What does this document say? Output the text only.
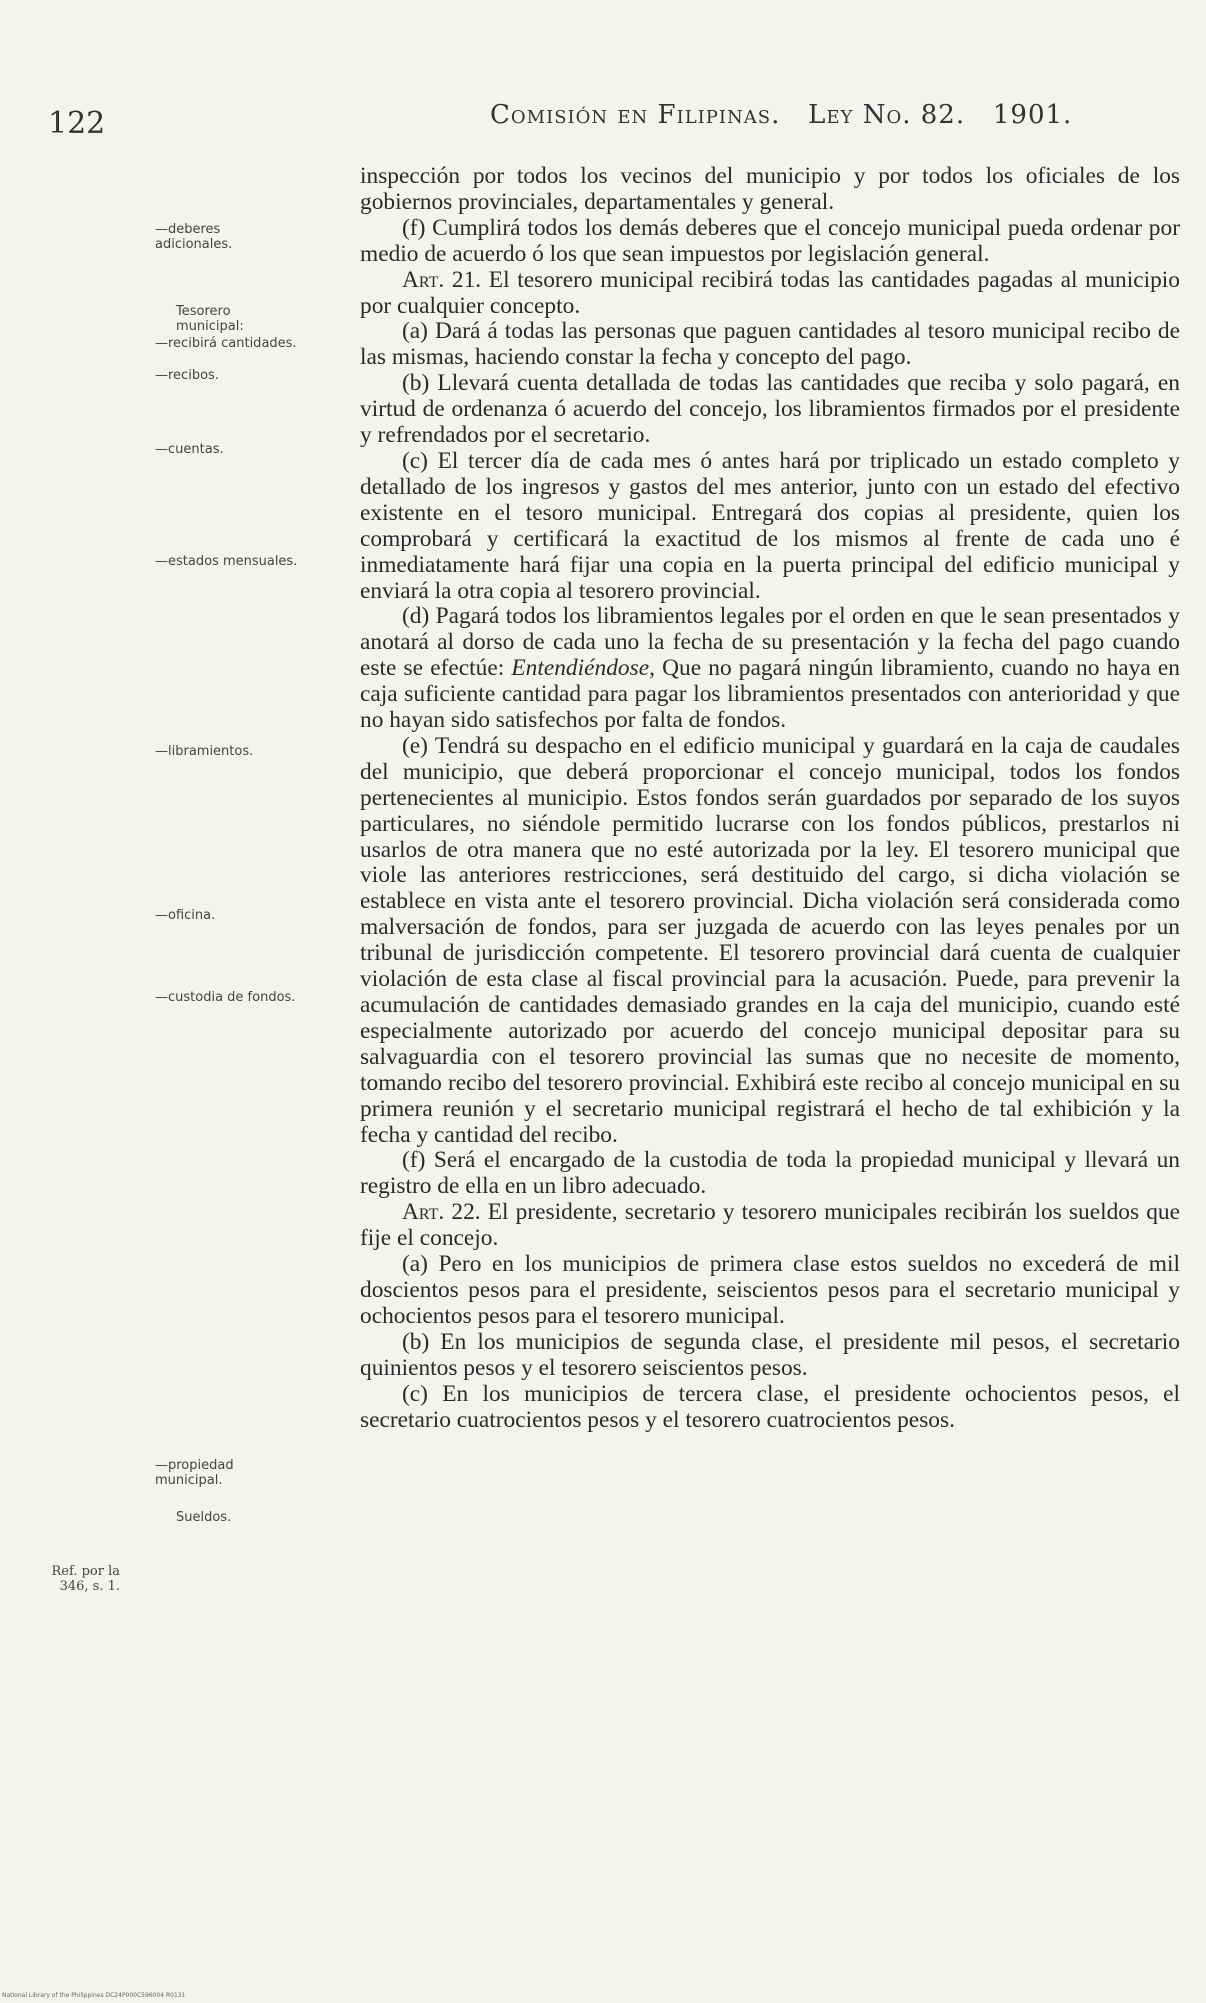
122	Comisión en Filipinas. Ley No. 82. 1901.
—deberes adicionales.
Tesorero municipal:
—recibirá cantidades.
—recibos.
—cuentas.
—estados mensuales.
—libramientos.
—oficina.
—custodia de fondos.
—propiedad municipal.
Sueldos.
Ref. por la 346, s. 1.

inspección por todos los vecinos del municipio y por todos los oficiales de los gobiernos provinciales, departamentales y general.

(f) Cumplirá todos los demás deberes que el concejo municipal pueda ordenar por medio de acuerdo ó los que sean impuestos por legislación general.

Art. 21. El tesorero municipal recibirá todas las cantidades pagadas al municipio por cualquier concepto.

(a) Dará á todas las personas que paguen cantidades al tesoro municipal recibo de las mismas, haciendo constar la fecha y concepto del pago.

(b) Llevará cuenta detallada de todas las cantidades que reciba y solo pagará, en virtud de ordenanza ó acuerdo del concejo, los libramientos firmados por el presidente y refrendados por el secretario.

(c) El tercer día de cada mes ó antes hará por triplicado un estado completo y detallado de los ingresos y gastos del mes anterior, junto con un estado del efectivo existente en el tesoro municipal. Entregará dos copias al presidente, quien los comprobará y certificará la exactitud de los mismos al frente de cada uno é inmediatamente hará fijar una copia en la puerta principal del edificio municipal y enviará la otra copia al tesorero provincial.

(d) Pagará todos los libramientos legales por el orden en que le sean presentados y anotará al dorso de cada uno la fecha de su presentación y la fecha del pago cuando este se efectúe: Entendiéndose, Que no pagará ningún libramiento, cuando no haya en caja suficiente cantidad para pagar los libramientos presentados con anterioridad y que no hayan sido satisfechos por falta de fondos.

(e) Tendrá su despacho en el edificio municipal y guardará en la caja de caudales del municipio, que deberá proporcionar el concejo municipal, todos los fondos pertenecientes al municipio. Estos fondos serán guardados por separado de los suyos particulares, no siéndole permitido lucrarse con los fondos públicos, prestarlos ni usarlos de otra manera que no esté autorizada por la ley. El tesorero municipal que viole las anteriores restricciones, será destituido del cargo, si dicha violación se establece en vista ante el tesorero provincial. Dicha violación será considerada como malversación de fondos, para ser juzgada de acuerdo con las leyes penales por un tribunal de jurisdicción competente. El tesorero provincial dará cuenta de cualquier violación de esta clase al fiscal provincial para la acusación. Puede, para prevenir la acumulación de cantidades demasiado grandes en la caja del municipio, cuando esté especialmente autorizado por acuerdo del concejo municipal depositar para su salvaguardia con el tesorero provincial las sumas que no necesite de momento, tomando recibo del tesorero provincial. Exhibirá este recibo al concejo municipal en su primera reunión y el secretario municipal registrará el hecho de tal exhibición y la fecha y cantidad del recibo.

(f) Será el encargado de la custodia de toda la propiedad municipal y llevará un registro de ella en un libro adecuado.

Art. 22. El presidente, secretario y tesorero municipales recibirán los sueldos que fije el concejo.

(a) Pero en los municipios de primera clase estos sueldos no excederá de mil doscientos pesos para el presidente, seiscientos pesos para el secretario municipal y ochocientos pesos para el tesorero municipal.

(b) En los municipios de segunda clase, el presidente mil pesos, el secretario quinientos pesos y el tesorero seiscientos pesos.

(c) En los municipios de tercera clase, el presidente ochocientos pesos, el secretario cuatrocientos pesos y el tesorero cuatrocientos pesos.

National Library of the Philippines DC24P000C596004 R0131
